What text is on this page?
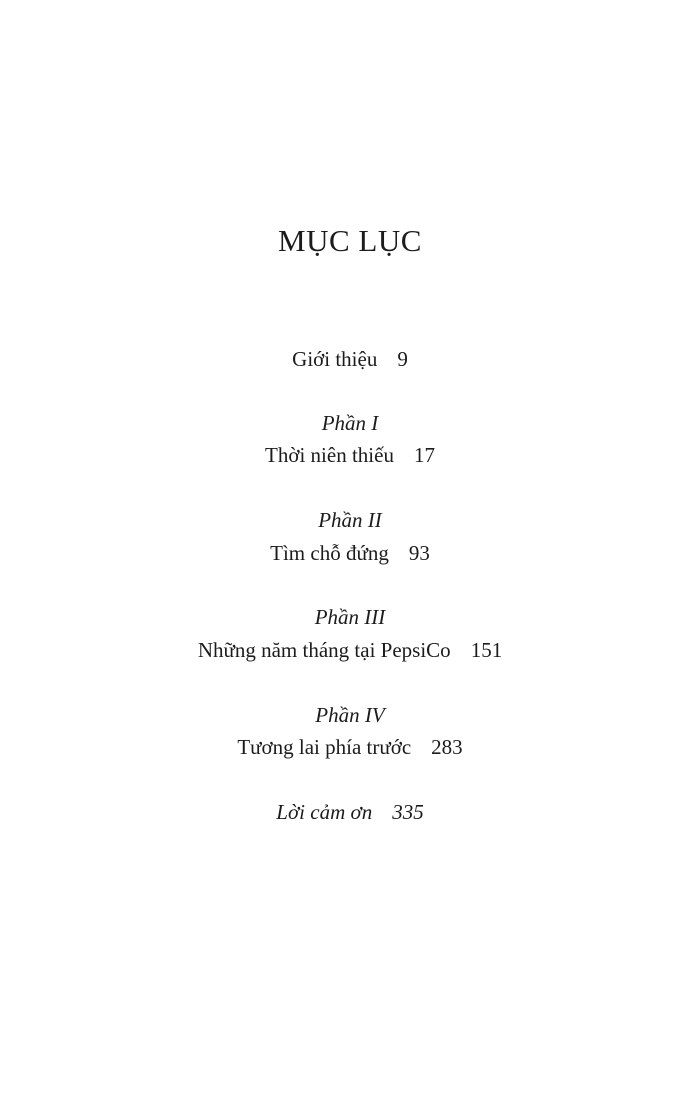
MỤC LỤC
Giới thiệu 9
Phần I
Thời niên thiếu 17
Phần II
Tìm chỗ đứng 93
Phần III
Những năm tháng tại PepsiCo 151
Phần IV
Tương lai phía trước 283
Lời cảm ơn 335
